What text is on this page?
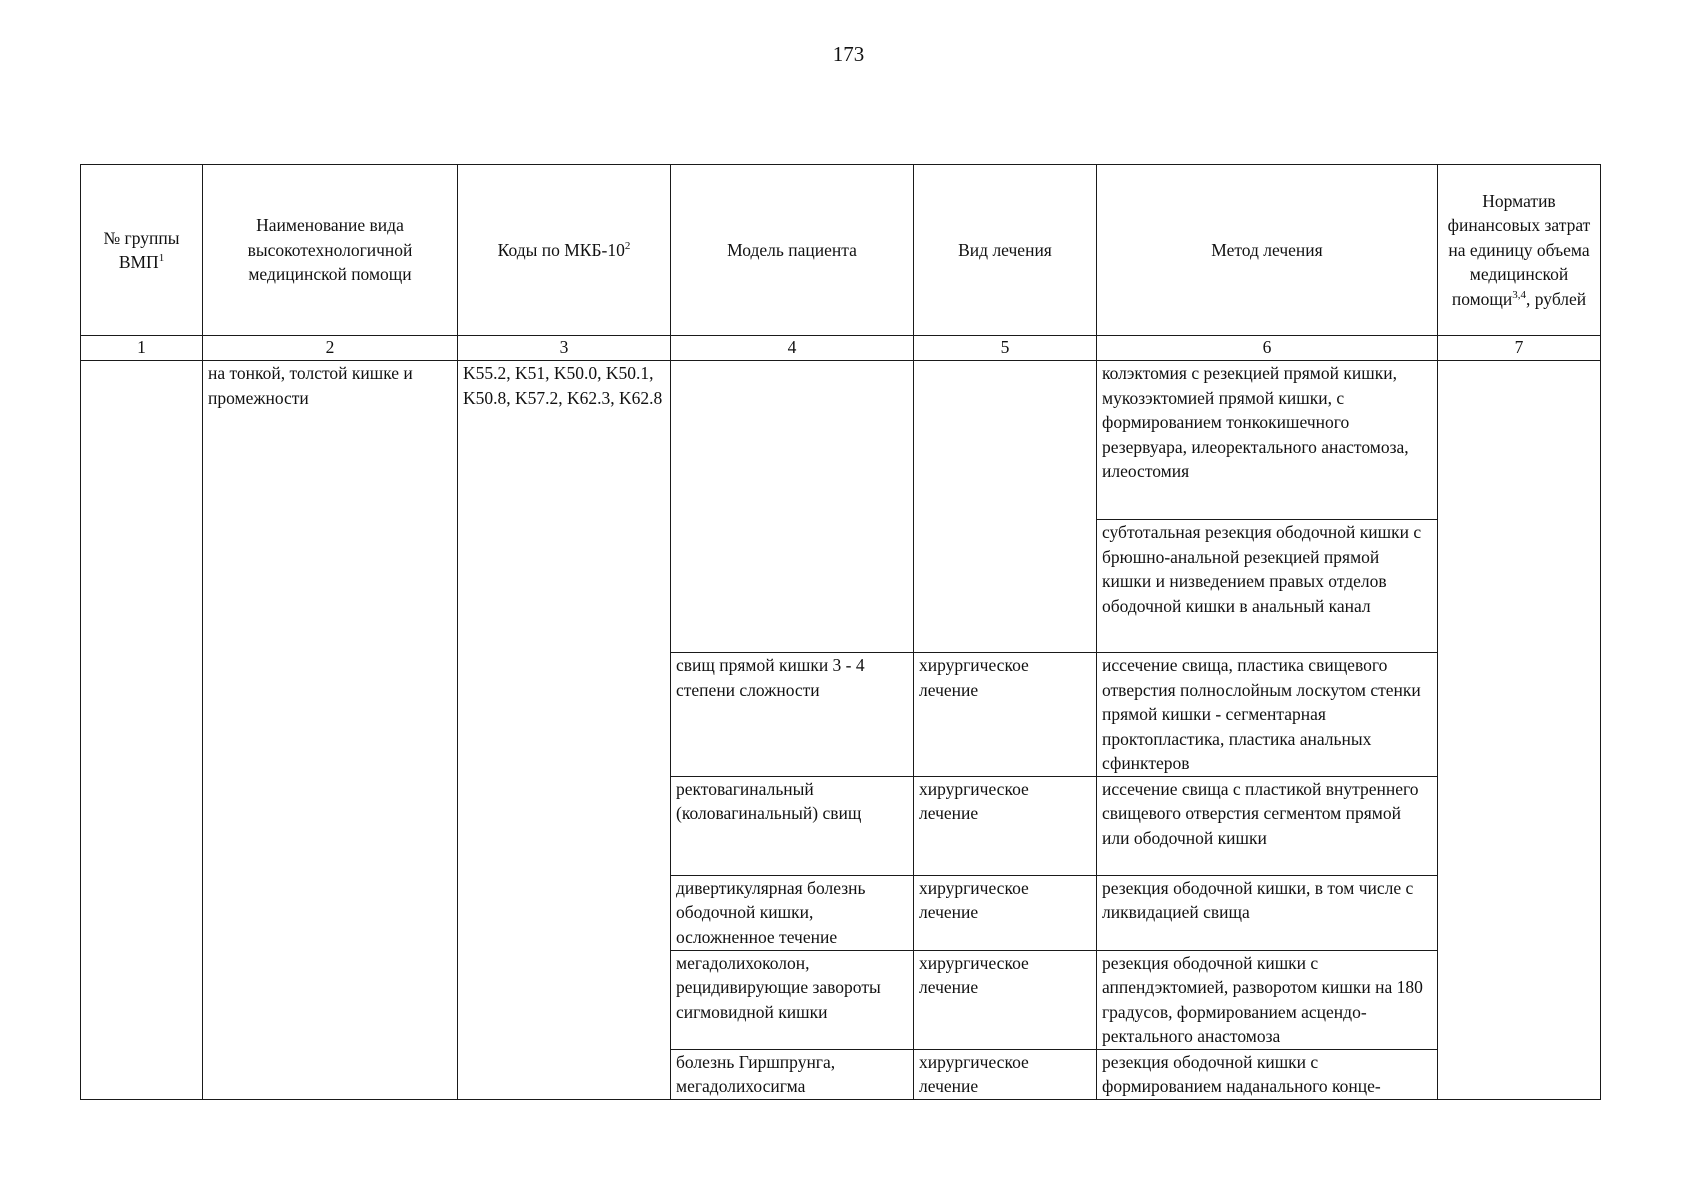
173
№ группы ВМП$^1$	Наименование вида высокотехнологичной медицинской помощи	Коды по МКБ-$10^2$	Модель пациента	Вид лечения	Метод лечения	Норматив финансовых затрат на единицу объема медицинской помощи$^{3,4}$, рублей
1	2	3	4	5	6	7
	на тонкой, толстой кишке и промежности	K55.2, K51, K50.0, K50.1, K50.8, K57.2, K62.3, K62.8			колэктомия с резекцией прямой кишки, мукозэктомией прямой кишки, с формированием тонкокишечного резервуара, илеоректального анастомоза, илеостомия	
					субтотальная резекция ободочной кишки с брюшно-анальной резекцией прямой кишки и низведением правых отделов ободочной кишки в анальный канал	
			свищ прямой кишки 3 - 4 степени сложности	хирургическое лечение	иссечение свища, пластика свищевого отверстия полнослойным лоскутом стенки прямой кишки - сегментарная проктопластика, пластика анальных сфинктеров	
			ректовагинальный (коловагинальный) свищ	хирургическое лечение	иссечение свища с пластикой внутреннего свищевого отверстия сегментом прямой или ободочной кишки	
			дивертикулярная болезнь ободочной кишки, осложненное течение	хирургическое лечение	резекция ободочной кишки, в том числе с ликвидацией свища	
			мегадолихоколон, рецидивирующие завороты сигмовидной кишки	хирургическое лечение	резекция ободочной кишки с аппендэктомией, разворотом кишки на 180 градусов, формированием асцендо-ректального анастомоза	
			болезнь Гиршпрунга, мегадолихосигма	хирургическое лечение	резекция ободочной кишки с формированием наданального конце-	
